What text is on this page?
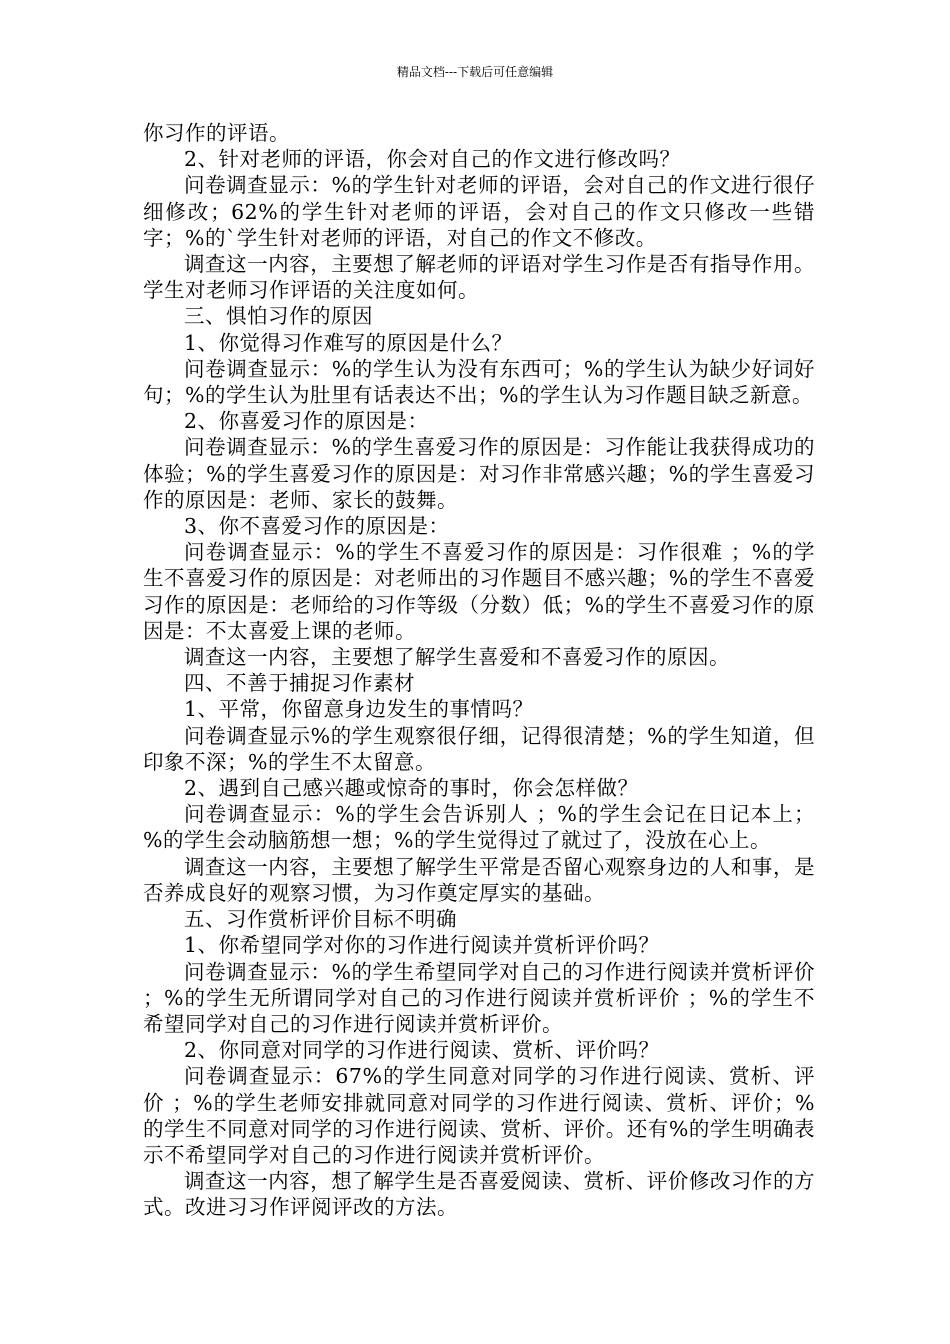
精品文档---下载后可任意编辑

你习作的评语。

2、针对老师的评语，你会对自己的作文进行修改吗？

问卷调查显示：%的学生针对老师的评语，会对自己的作文进行很仔细修改；62%的学生针对老师的评语，会对自己的作文只修改一些错字；%的`学生针对老师的评语，对自己的作文不修改。

调查这一内容，主要想了解老师的评语对学生习作是否有指导作用。学生对老师习作评语的关注度如何。

三、惧怕习作的原因

1、你觉得习作难写的原因是什么？

问卷调查显示：%的学生认为没有东西可；%的学生认为缺少好词好句；%的学生认为肚里有话表达不出；%的学生认为习作题目缺乏新意。

2、你喜爱习作的原因是：

问卷调查显示：%的学生喜爱习作的原因是：习作能让我获得成功的体验；%的学生喜爱习作的原因是：对习作非常感兴趣；%的学生喜爱习作的原因是：老师、家长的鼓舞。

3、你不喜爱习作的原因是：

问卷调查显示：%的学生不喜爱习作的原因是：习作很难 ；%的学生不喜爱习作的原因是：对老师出的习作题目不感兴趣；%的学生不喜爱习作的原因是：老师给的习作等级（分数）低；%的学生不喜爱习作的原因是：不太喜爱上课的老师。

调查这一内容，主要想了解学生喜爱和不喜爱习作的原因。

四、不善于捕捉习作素材

1、平常，你留意身边发生的事情吗？

问卷调查显示%的学生观察很仔细，记得很清楚；%的学生知道，但印象不深；%的学生不太留意。

2、遇到自己感兴趣或惊奇的事时，你会怎样做？

问卷调查显示：%的学生会告诉别人 ；%的学生会记在日记本上；%的学生会动脑筋想一想；%的学生觉得过了就过了，没放在心上。

调查这一内容，主要想了解学生平常是否留心观察身边的人和事，是否养成良好的观察习惯，为习作奠定厚实的基础。

五、习作赏析评价目标不明确

1、你希望同学对你的习作进行阅读并赏析评价吗？

问卷调查显示：%的学生希望同学对自己的习作进行阅读并赏析评价 ；%的学生无所谓同学对自己的习作进行阅读并赏析评价 ；%的学生不希望同学对自己的习作进行阅读并赏析评价。

2、你同意对同学的习作进行阅读、赏析、评价吗？

问卷调查显示：67%的学生同意对同学的习作进行阅读、赏析、评价 ；%的学生老师安排就同意对同学的习作进行阅读、赏析、评价；%的学生不同意对同学的习作进行阅读、赏析、评价。还有%的学生明确表示不希望同学对自己的习作进行阅读并赏析评价。

调查这一内容，想了解学生是否喜爱阅读、赏析、评价修改习作的方式。改进习习作评阅评改的方法。
